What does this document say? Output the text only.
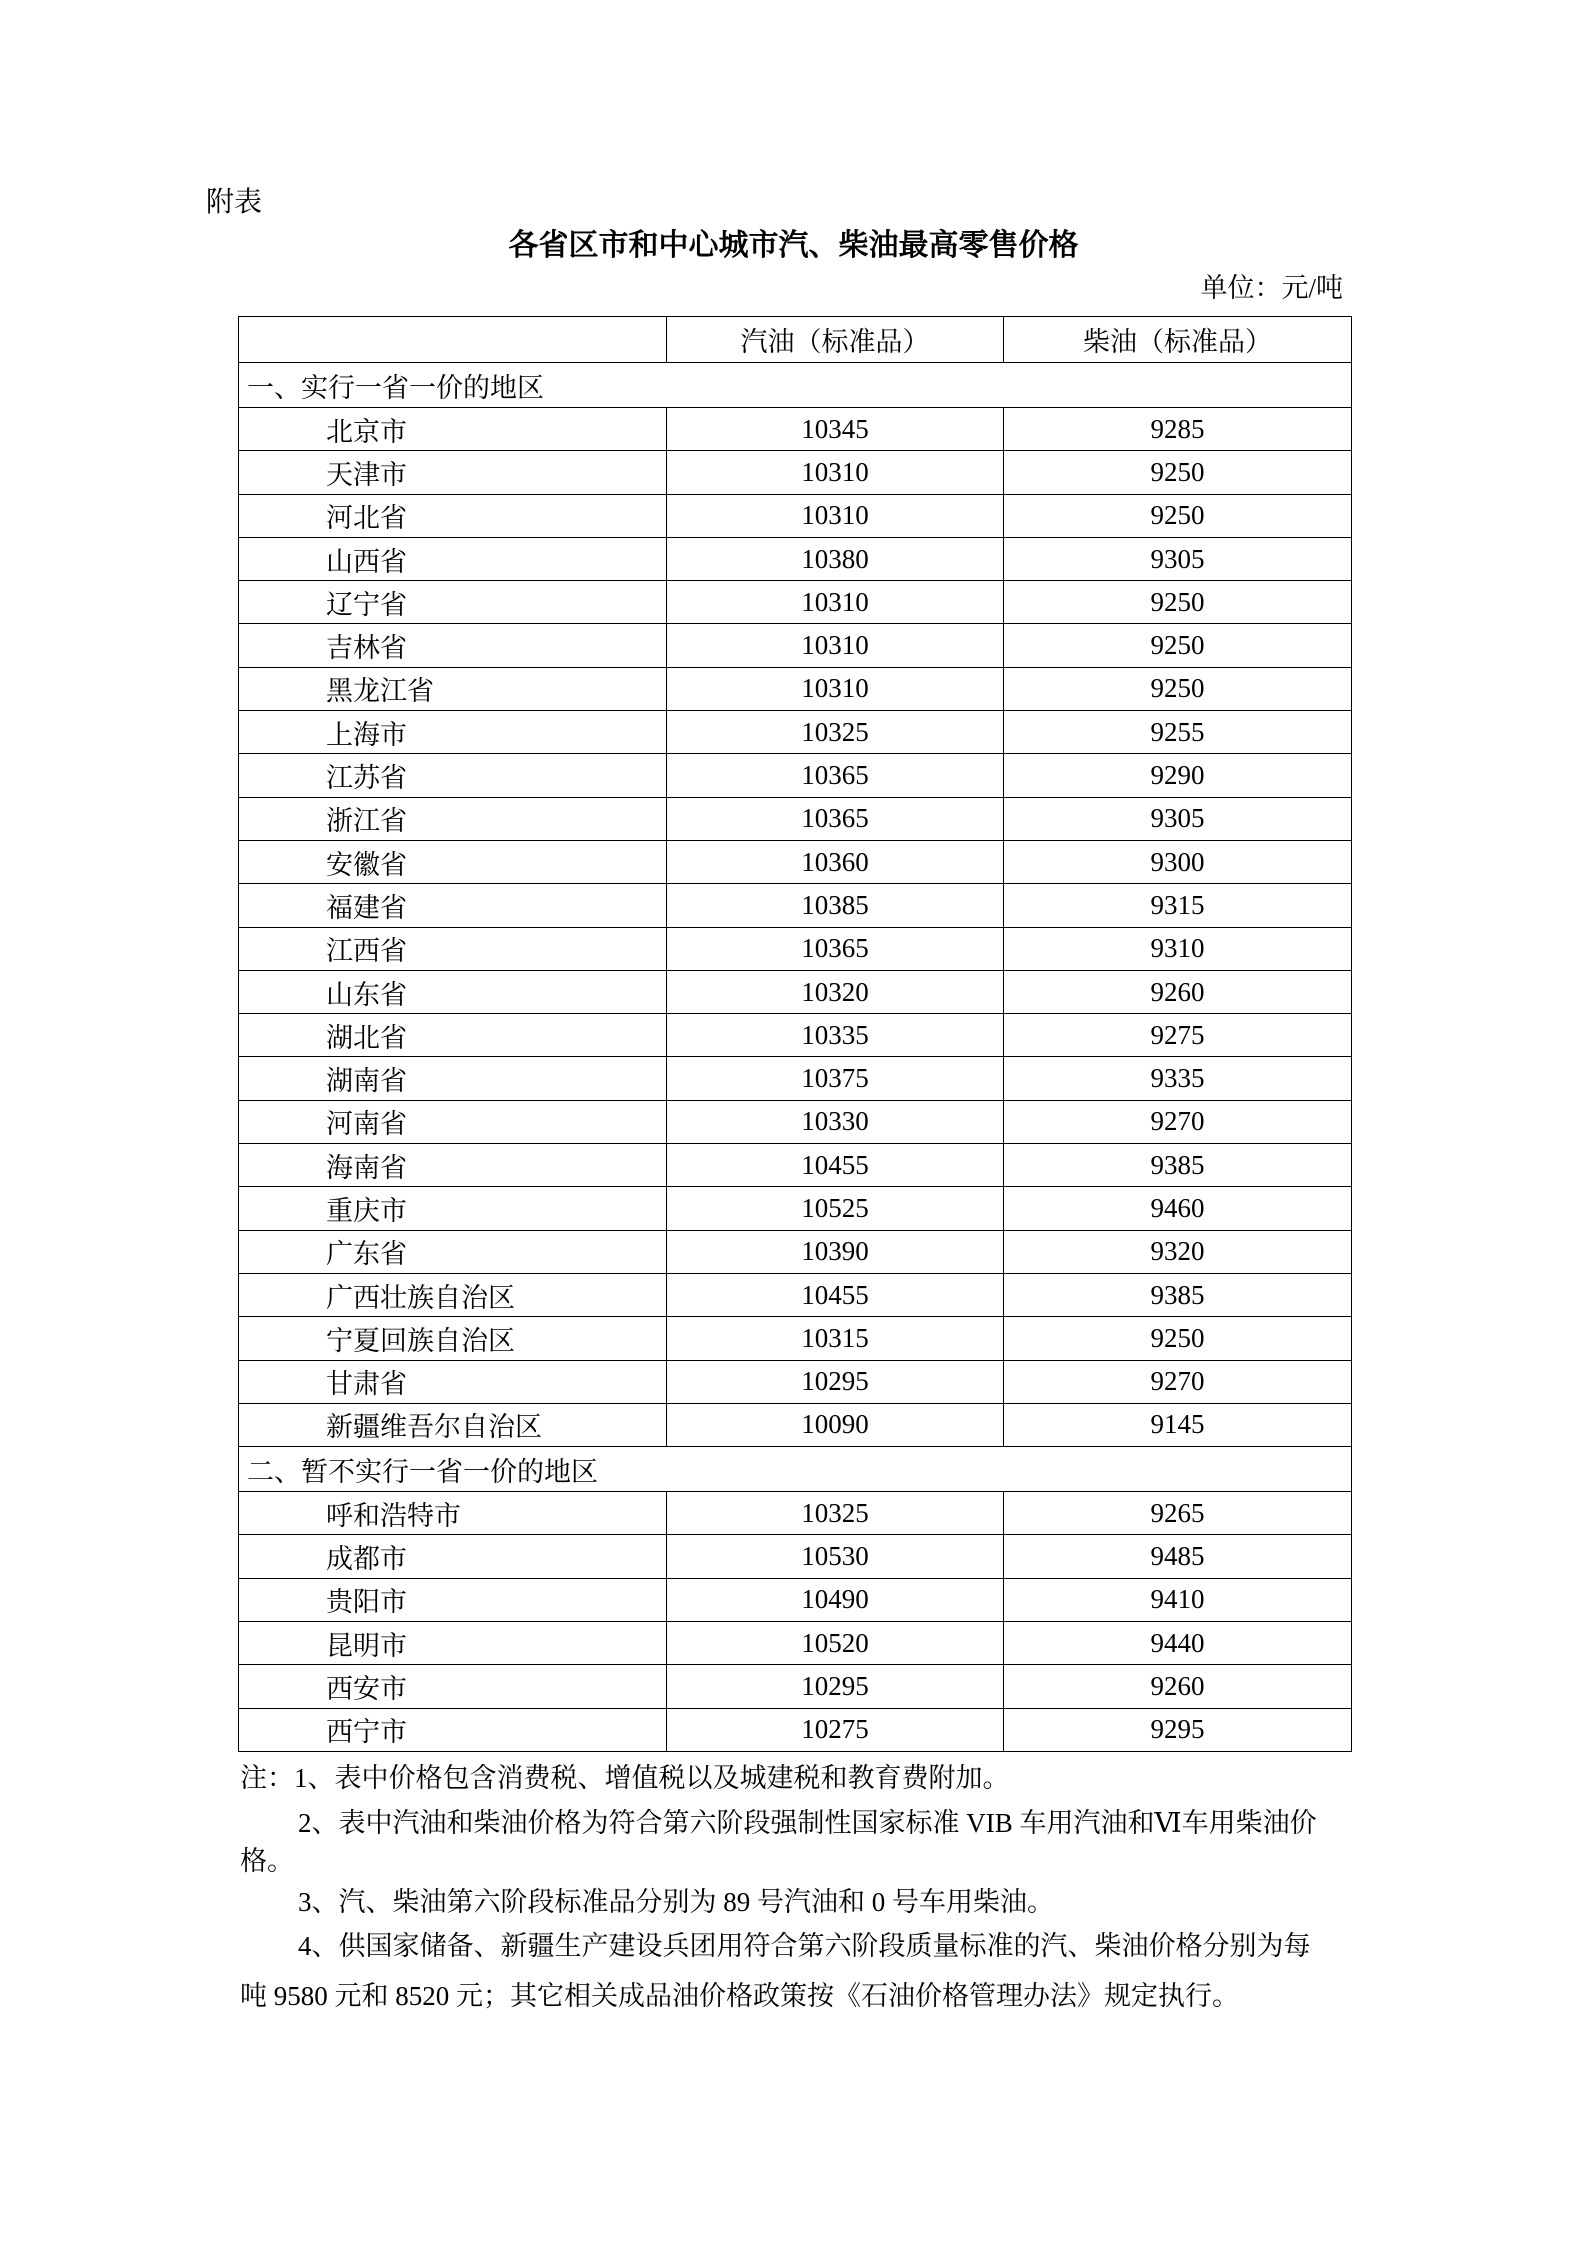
附表
各省区市和中心城市汽、柴油最高零售价格
单位：元/吨
	汽油（标准品）	柴油（标准品）
一、实行一省一价的地区		
北京市	10345	9285
天津市	10310	9250
河北省	10310	9250
山西省	10380	9305
辽宁省	10310	9250
吉林省	10310	9250
黑龙江省	10310	9250
上海市	10325	9255
江苏省	10365	9290
浙江省	10365	9305
安徽省	10360	9300
福建省	10385	9315
江西省	10365	9310
山东省	10320	9260
湖北省	10335	9275
湖南省	10375	9335
河南省	10330	9270
海南省	10455	9385
重庆市	10525	9460
广东省	10390	9320
广西壮族自治区	10455	9385
宁夏回族自治区	10315	9250
甘肃省	10295	9270
新疆维吾尔自治区	10090	9145
二、暂不实行一省一价的地区		
呼和浩特市	10325	9265
成都市	10530	9485
贵阳市	10490	9410
昆明市	10520	9440
西安市	10295	9260
西宁市	10275	9295
注：1、表中价格包含消费税、增值税以及城建税和教育费附加。
2、表中汽油和柴油价格为符合第六阶段强制性国家标准 VIB 车用汽油和Ⅵ车用柴油价
格。
3、汽、柴油第六阶段标准品分别为 89 号汽油和 0 号车用柴油。
4、供国家储备、新疆生产建设兵团用符合第六阶段质量标准的汽、柴油价格分别为每
吨 9580 元和 8520 元；其它相关成品油价格政策按《石油价格管理办法》规定执行。
